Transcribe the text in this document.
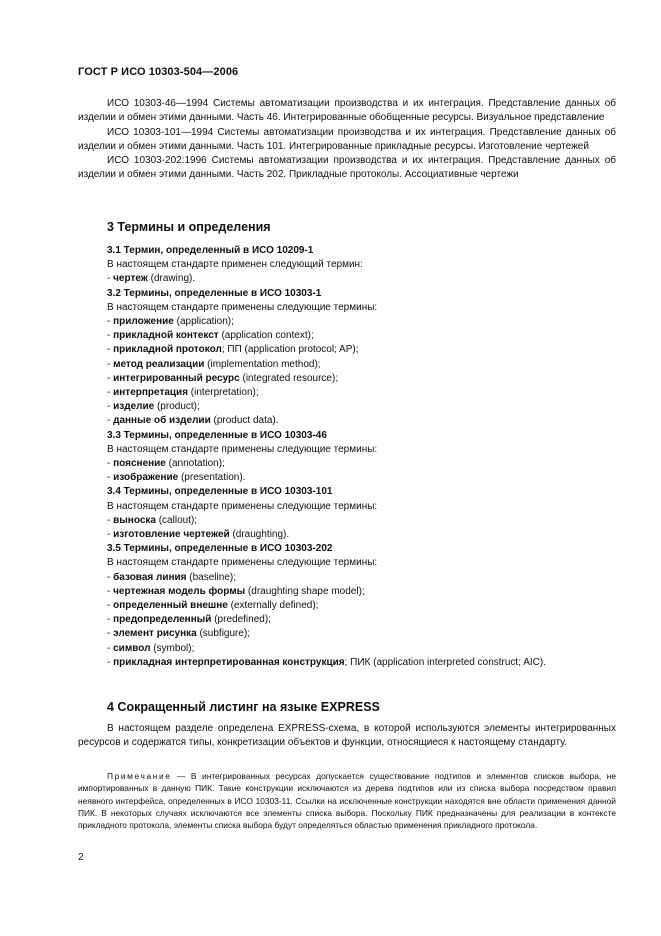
ГОСТ Р ИСО 10303-504—2006

ИСО 10303-46—1994 Системы автоматизации производства и их интеграция. Представление данных об изделии и обмен этими данными. Часть 46. Интегрированные обобщенные ресурсы. Визуальное представление

ИСО 10303-101—1994 Системы автоматизации производства и их интеграция. Представление данных об изделии и обмен этими данными. Часть 101. Интегрированные прикладные ресурсы. Изготовление чертежей

ИСО 10303-202:1996 Системы автоматизации производства и их интеграция. Представление данных об изделии и обмен этими данными. Часть 202. Прикладные протоколы. Ассоциативные чертежи

3 Термины и определения
3.1 Термин, определенный в ИСО 10209-1
В настоящем стандарте применен следующий термин:
- чертеж (drawing).
3.2 Термины, определенные в ИСО 10303-1
В настоящем стандарте применены следующие термины:
- приложение (application);
- прикладной контекст (application context);
- прикладной протокол; ПП (application protocol; AP);
- метод реализации (implementation method);
- интегрированный ресурс (integrated resource);
- интерпретация (interpretation);
- изделие (product);
- данные об изделии (product data).
3.3 Термины, определенные в ИСО 10303-46
В настоящем стандарте применены следующие термины:
- пояснение (annotation);
- изображение (presentation).
3.4 Термины, определенные в ИСО 10303-101
В настоящем стандарте применены следующие термины:
- выноска (callout);
- изготовление чертежей (draughting).
3.5 Термины, определенные в ИСО 10303-202
В настоящем стандарте применены следующие термины:
- базовая линия (baseline);
- чертежная модель формы (draughting shape model);
- определенный внешне (externally defined);
- предопределенный (predefined);
- элемент рисунка (subfigure);
- символ (symbol);
- прикладная интерпретированная конструкция; ПИК (application interpreted construct; AIC).
4 Сокращенный листинг на языке EXPRESS

В настоящем разделе определена EXPRESS-схема, в которой используются элементы интегрированных ресурсов и содержатся типы, конкретизации объектов и функции, относящиеся к настоящему стандарту.

Примечание — В интегрированных ресурсах допускается существование подтипов и элементов списков выбора, не импортированных в данную ПИК. Такие конструкции исключаются из дерева подтипов или из списка выбора посредством правил неявного интерфейса, определенных в ИСО 10303-11. Ссылки на исключенные конструкции находятся вне области применения данной ПИК. В некоторых случаях исключаются все элементы списка выбора. Поскольку ПИК предназначены для реализации в контексте прикладного протокола, элементы списка выбора будут определяться областью применения прикладного протокола.

2
